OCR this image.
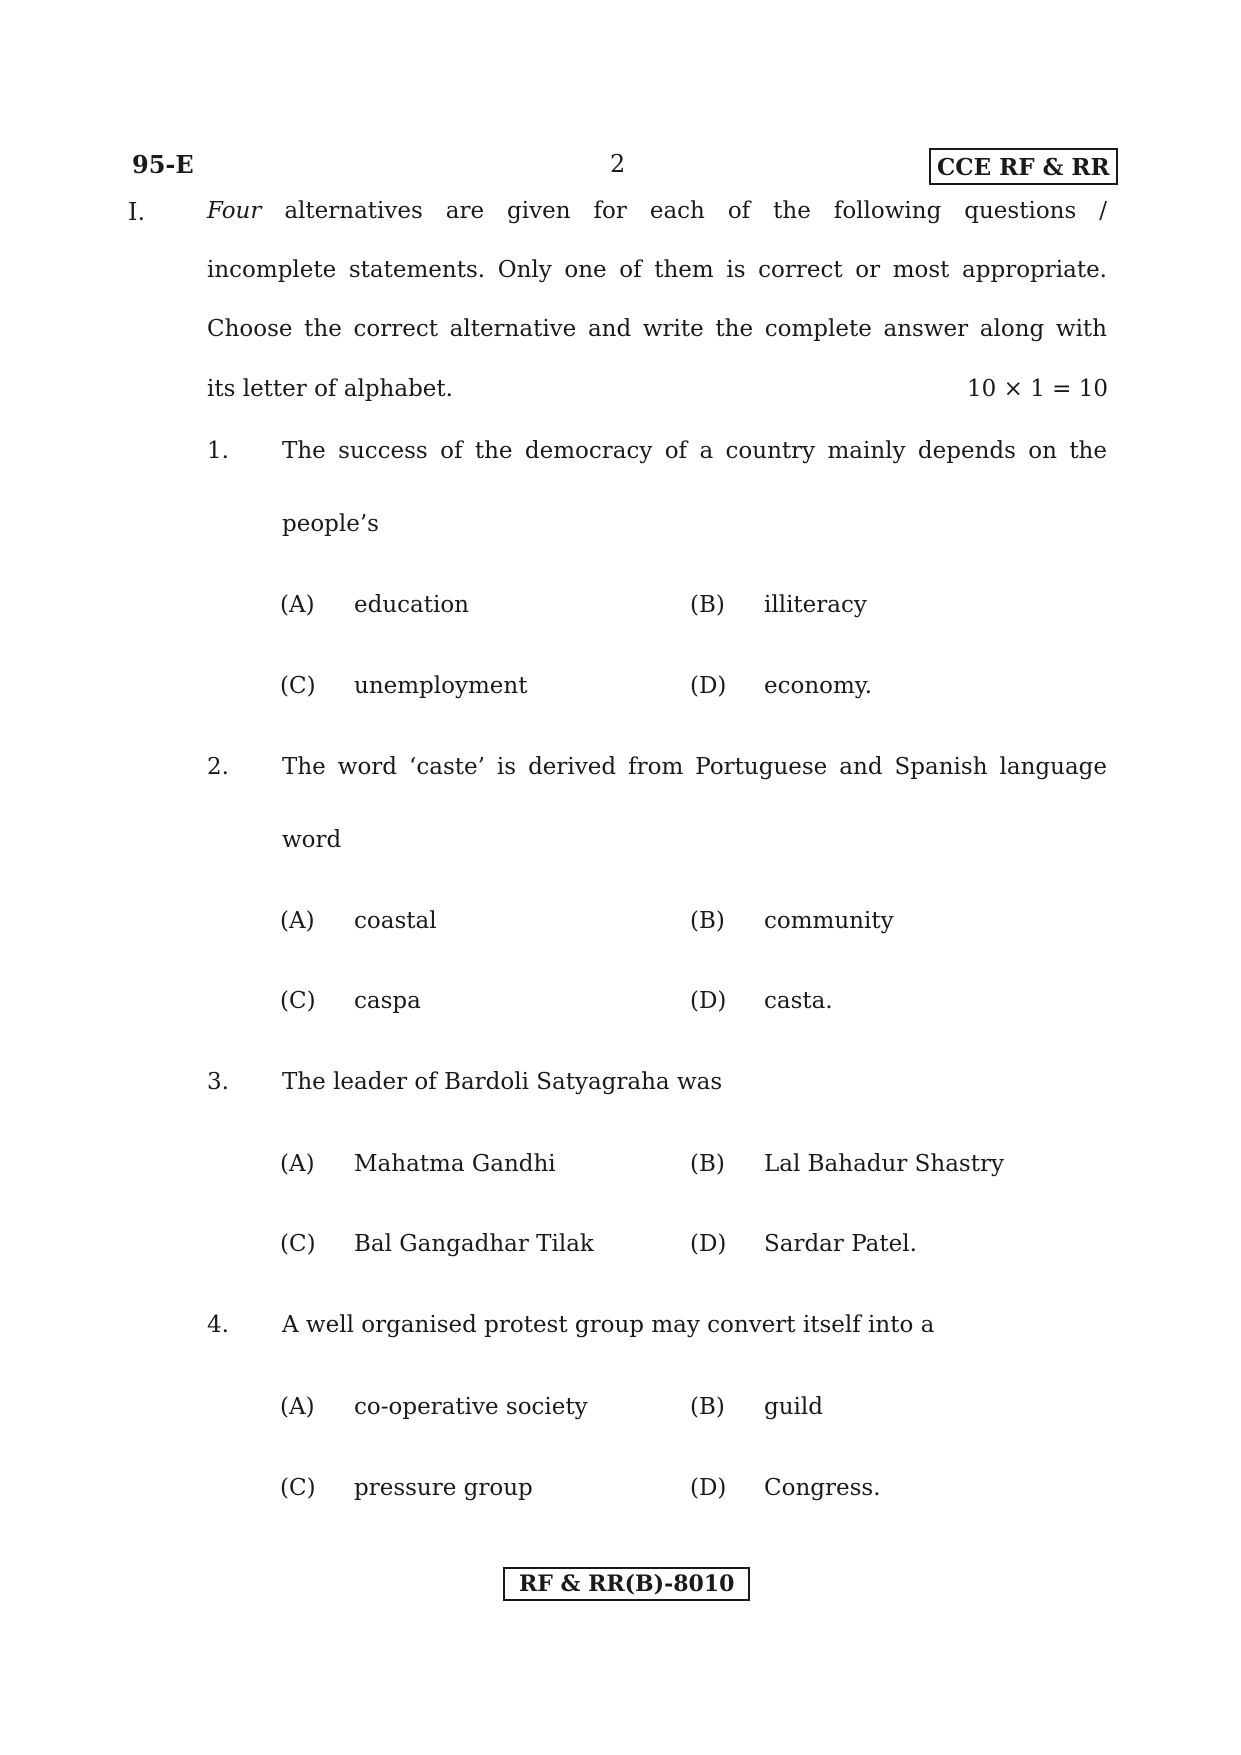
95-E	2	CCE RF & RR
I.	Four alternatives are given for each of the following questions /
incomplete statements. Only one of them is correct or most appropriate.
Choose the correct alternative and write the complete answer along with
its letter of alphabet.	10 × 1 = 10
1. The success of the democracy of a country mainly depends on the
people’s
(A) education	(B) illiteracy
(C) unemployment	(D) economy.
2. The word ‘caste’ is derived from Portuguese and Spanish language
word
(A) coastal	(B) community
(C) caspa	(D) casta.
3. The leader of Bardoli Satyagraha was
(A) Mahatma Gandhi	(B) Lal Bahadur Shastry
(C) Bal Gangadhar Tilak	(D) Sardar Patel.
4. A well organised protest group may convert itself into a
(A) co-operative society	(B) guild
(C) pressure group	(D) Congress.
RF & RR(B)-8010
